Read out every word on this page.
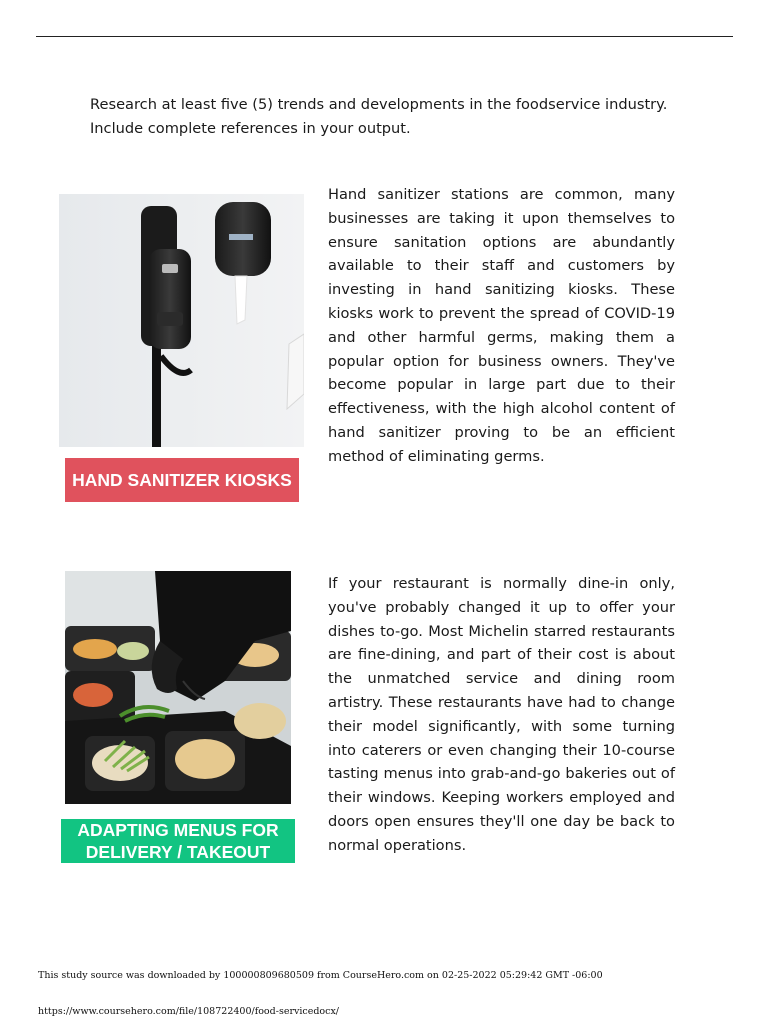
Research at least five (5) trends and developments in the foodservice industry.

Include complete references in your output.

HAND SANITIZER KIOSKS
Hand sanitizer stations are common, many businesses are taking it upon themselves to ensure sanitation options are abundantly available to their staff and customers by investing in hand sanitizing kiosks. These kiosks work to prevent the spread of COVID-19 and other harmful germs, making them a popular option for business owners. They've become popular in large part due to their effectiveness, with the high alcohol content of hand sanitizer proving to be an efficient method of eliminating germs.
ADAPTING MENUS FOR DELIVERY / TAKEOUT
If your restaurant is normally dine-in only, you've probably changed it up to offer your dishes to-go. Most Michelin starred restaurants are fine-dining, and part of their cost is about the unmatched service and dining room artistry. These restaurants have had to change their model significantly, with some turning into caterers or even changing their 10-course tasting menus into grab-and-go bakeries out of their windows. Keeping workers employed and doors open ensures they'll one day be back to normal operations.
This study source was downloaded by 100000809680509 from CourseHero.com on 02-25-2022 05:29:42 GMT -06:00
https://www.coursehero.com/file/108722400/food-servicedocx/
